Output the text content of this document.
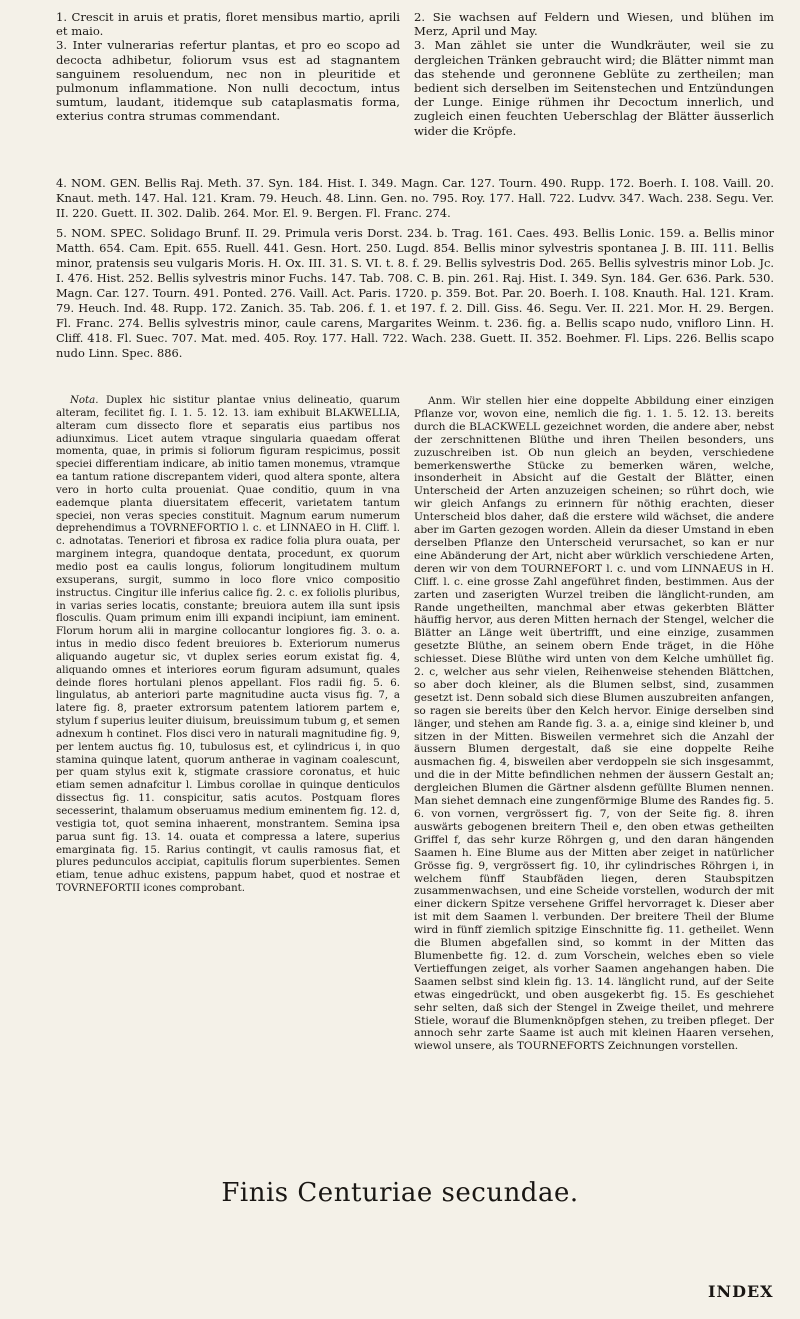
1. Crescit in aruis et pratis, floret mensibus martio, aprili et maio.

3. Inter vulnerarias refertur plantas, et pro eo scopo ad decocta adhibetur, foliorum vsus est ad stagnantem sanguinem resoluendum, nec non in pleuritide et pulmonum inflammatione. Non nulli decoctum, intus sumtum, laudant, itidemque sub cataplasmatis forma, exterius contra strumas commendant.

2. Sie wachsen auf Feldern und Wiesen, und blühen im Merz, April und May.

3. Man zählet sie unter die Wundkräuter, weil sie zu dergleichen Tränken gebraucht wird; die Blätter nimmt man das stehende und geronnene Geblüte zu zertheilen; man bedient sich derselben im Seitenstechen und Entzündungen der Lunge. Einige rühmen ihr Decoctum innerlich, und zugleich einen feuchten Ueberschlag der Blätter äusserlich wider die Kröpfe.

4. NOM. GEN. Bellis Raj. Meth. 37. Syn. 184. Hist. I. 349. Magn. Car. 127. Tourn. 490. Rupp. 172. Boerh. I. 108. Vaill. 20. Knaut. meth. 147. Hal. 121. Kram. 79. Heuch. 48. Linn. Gen. no. 795. Roy. 177. Hall. 722. Ludvv. 347. Wach. 238. Segu. Ver. II. 220. Guett. II. 302. Dalib. 264. Mor. El. 9. Bergen. Fl. Franc. 274.

5. NOM. SPEC. Solidago Brunf. II. 29. Primula veris Dorst. 234. b. Trag. 161. Caes. 493. Bellis Lonic. 159. a. Bellis minor Matth. 654. Cam. Epit. 655. Ruell. 441. Gesn. Hort. 250. Lugd. 854. Bellis minor sylvestris spontanea J. B. III. 111. Bellis minor, pratensis seu vulgaris Moris. H. Ox. III. 31. S. VI. t. 8. f. 29. Bellis sylvestris Dod. 265. Bellis sylvestris minor Lob. Jc. I. 476. Hist. 252. Bellis sylvestris minor Fuchs. 147. Tab. 708. C. B. pin. 261. Raj. Hist. I. 349. Syn. 184. Ger. 636. Park. 530. Magn. Car. 127. Tourn. 491. Ponted. 276. Vaill. Act. Paris. 1720. p. 359. Bot. Par. 20. Boerh. I. 108. Knauth. Hal. 121. Kram. 79. Heuch. Ind. 48. Rupp. 172. Zanich. 35. Tab. 206. f. 1. et 197. f. 2. Dill. Giss. 46. Segu. Ver. II. 221. Mor. H. 29. Bergen. Fl. Franc. 274. Bellis sylvestris minor, caule carens, Margarites Weinm. t. 236. fig. a. Bellis scapo nudo, vnifloro Linn. H. Cliff. 418. Fl. Suec. 707. Mat. med. 405. Roy. 177. Hall. 722. Wach. 238. Guett. II. 352. Boehmer. Fl. Lips. 226. Bellis scapo nudo Linn. Spec. 886.

Nota. Duplex hic sistitur plantae vnius delineatio, quarum alteram, fecilitet fig. I. 1. 5. 12. 13. iam exhibuit BLAKWELLIA, alteram cum dissecto flore et separatis eius partibus nos adiunximus. Licet autem vtraque singularia quaedam offerat momenta, quae, in primis si foliorum figuram respicimus, possit speciei differentiam indicare, ab initio tamen monemus, vtramque ea tantum ratione discrepantem videri, quod altera sponte, altera vero in horto culta proueniat. Quae conditio, quum in vna eademque planta diuersitatem effecerit, varietatem tantum speciei, non veras species constituit. Magnum earum numerum deprehendimus a TOVRNEFORTIO l. c. et LINNAEO in H. Cliff. l. c. adnotatas. Teneriori et fibrosa ex radice folia plura ouata, per marginem integra, quandoque dentata, procedunt, ex quorum medio post ea caulis longus, foliorum longitudinem multum exsuperans, surgit, summo in loco flore vnico compositio instructus. Cingitur ille inferius calice fig. 2. c. ex foliolis pluribus, in varias series locatis, constante; breuiora autem illa sunt ipsis flosculis. Quam primum enim illi expandi incipiunt, iam eminent. Florum horum alii in margine collocantur longiores fig. 3. o. a. intus in medio disco fedent breuiores b. Exteriorum numerus aliquando augetur sic, vt duplex series eorum existat fig. 4, aliquando omnes et interiores eorum figuram adsumunt, quales deinde flores hortulani plenos appellant. Flos radii fig. 5. 6. lingulatus, ab anteriori parte magnitudine aucta visus fig. 7, a latere fig. 8, praeter extrorsum patentem latiorem partem e, stylum f superius leuiter diuisum, breuissimum tubum g, et semen adnexum h continet. Flos disci vero in naturali magnitudine fig. 9, per lentem auctus fig. 10, tubulosus est, et cylindricus i, in quo stamina quinque latent, quorum antherae in vaginam coalescunt, per quam stylus exit k, stigmate crassiore coronatus, et huic etiam semen adnafcitur l. Limbus corollae in quinque denticulos dissectus fig. 11. conspicitur, satis acutos. Postquam flores secesserint, thalamum obseruamus medium eminentem fig. 12. d, vestigia tot, quot semina inhaerent, monstrantem. Semina ipsa parua sunt fig. 13. 14. ouata et compressa a latere, superius emarginata fig. 15. Rarius contingit, vt caulis ramosus fiat, et plures pedunculos accipiat, capitulis florum superbientes. Semen etiam, tenue adhuc existens, pappum habet, quod et nostrae et TOVRNEFORTII icones comprobant.

Anm. Wir stellen hier eine doppelte Abbildung einer einzigen Pflanze vor, wovon eine, nemlich die fig. 1. 1. 5. 12. 13. bereits durch die BLACKWELL gezeichnet worden, die andere aber, nebst der zerschnittenen Blüthe und ihren Theilen besonders, uns zuzuschreiben ist. Ob nun gleich an beyden, verschiedene bemerkenswerthe Stücke zu bemerken wären, welche, insonderheit in Absicht auf die Gestalt der Blätter, einen Unterscheid der Arten anzuzeigen scheinen; so rührt doch, wie wir gleich Anfangs zu erinnern für nöthig erachten, dieser Unterscheid blos daher, daß die erstere wild wächset, die andere aber im Garten gezogen worden. Allein da dieser Umstand in eben derselben Pflanze den Unterscheid verursachet, so kan er nur eine Abänderung der Art, nicht aber würklich verschiedene Arten, deren wir von dem TOURNEFORT l. c. und vom LINNAEUS in H. Cliff. l. c. eine grosse Zahl angeführet finden, bestimmen. Aus der zarten und zaserigten Wurzel treiben die länglicht-runden, am Rande ungetheilten, manchmal aber etwas gekerbten Blätter häuffig hervor, aus deren Mitten hernach der Stengel, welcher die Blätter an Länge weit übertrifft, und eine einzige, zusammen gesetzte Blüthe, an seinem obern Ende träget, in die Höhe schiesset. Diese Blüthe wird unten von dem Kelche umhüllet fig. 2. c, welcher aus sehr vielen, Reihenweise stehenden Blättchen, so aber doch kleiner, als die Blumen selbst, sind, zusammen gesetzt ist. Denn sobald sich diese Blumen auszubreiten anfangen, so ragen sie bereits über den Kelch hervor. Einige derselben sind länger, und stehen am Rande fig. 3. a. a, einige sind kleiner b, und sitzen in der Mitten. Bisweilen vermehret sich die Anzahl der äussern Blumen dergestalt, daß sie eine doppelte Reihe ausmachen fig. 4, bisweilen aber verdoppeln sie sich insgesammt, und die in der Mitte befindlichen nehmen der äussern Gestalt an; dergleichen Blumen die Gärtner alsdenn gefüllte Blumen nennen. Man siehet demnach eine zungenförmige Blume des Randes fig. 5. 6. von vornen, vergrössert fig. 7, von der Seite fig. 8. ihren auswärts gebogenen breitern Theil e, den oben etwas getheilten Griffel f, das sehr kurze Röhrgen g, und den daran hängenden Saamen h. Eine Blume aus der Mitten aber zeiget in natürlicher Grösse fig. 9, vergrössert fig. 10, ihr cylindrisches Röhrgen i, in welchem fünff Staubfäden liegen, deren Staubspitzen zusammenwachsen, und eine Scheide vorstellen, wodurch der mit einer dickern Spitze versehene Griffel hervorraget k. Dieser aber ist mit dem Saamen l. verbunden. Der breitere Theil der Blume wird in fünff ziemlich spitzige Einschnitte fig. 11. getheilet. Wenn die Blumen abgefallen sind, so kommt in der Mitten das Blumenbette fig. 12. d. zum Vorschein, welches eben so viele Vertieffungen zeiget, als vorher Saamen angehangen haben. Die Saamen selbst sind klein fig. 13. 14. länglicht rund, auf der Seite etwas eingedrückt, und oben ausgekerbt fig. 15. Es geschiehet sehr selten, daß sich der Stengel in Zweige theilet, und mehrere Stiele, worauf die Blumenknöpfgen stehen, zu treiben pfleget. Der annoch sehr zarte Saame ist auch mit kleinen Haaren versehen, wiewol unsere, als TOURNEFORTS Zeichnungen vorstellen.

Finis Centuriae secundae.
INDEX
